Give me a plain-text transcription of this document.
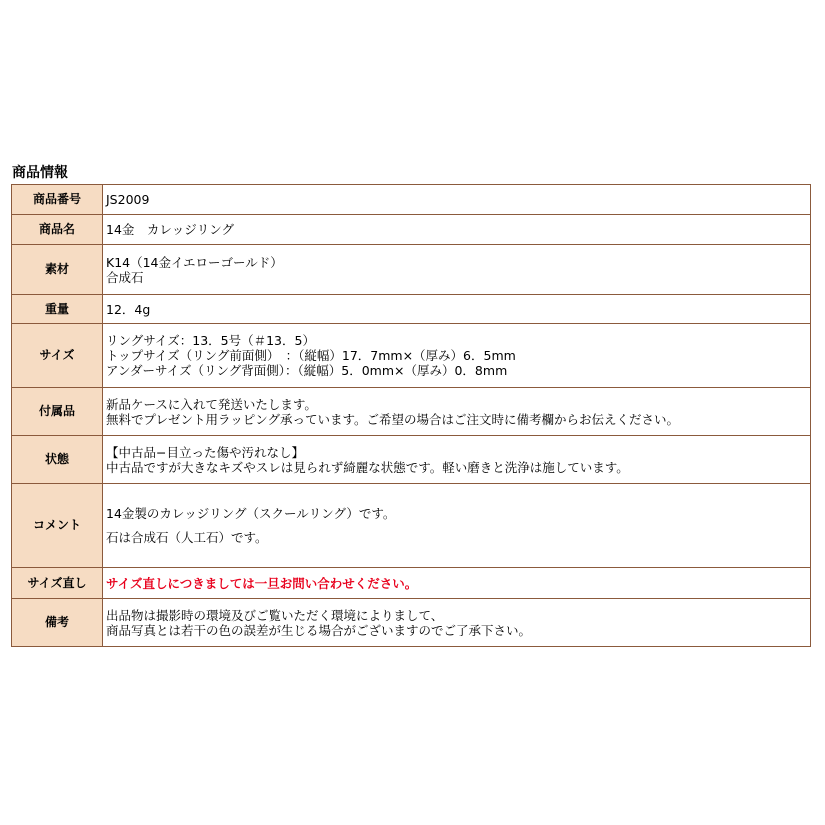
商品情報
商品番号	JS2009

商品名	14金　カレッジリング

素材	K14（14金イエローゴールド）
合成石

重量	12．4g

サイズ	リングサイズ：13．5号（＃13．5）
トップサイズ（リング前面側）　：（縦幅）17．7mm×（厚み）6．5mm
アンダーサイズ（リング背面側）：（縦幅）5．0mm×（厚み）0．8mm

付属品	新品ケースに入れて発送いたします。
無料でプレゼント用ラッピング承っています。ご希望の場合はご注文時に備考欄からお伝えください。

状態	【中古品−目立った傷や汚れなし】
中古品ですが大きなキズやスレは見られず綺麗な状態です。軽い磨きと洗浄は施しています。

コメント	14金製のカレッジリング（スクールリング）です。
石は合成石（人工石）です。

サイズ直し	サイズ直しにつきましては一旦お問い合わせください。

備考	出品物は撮影時の環境及びご覧いただく環境によりまして、
商品写真とは若干の色の誤差が生じる場合がございますのでご了承下さい。
